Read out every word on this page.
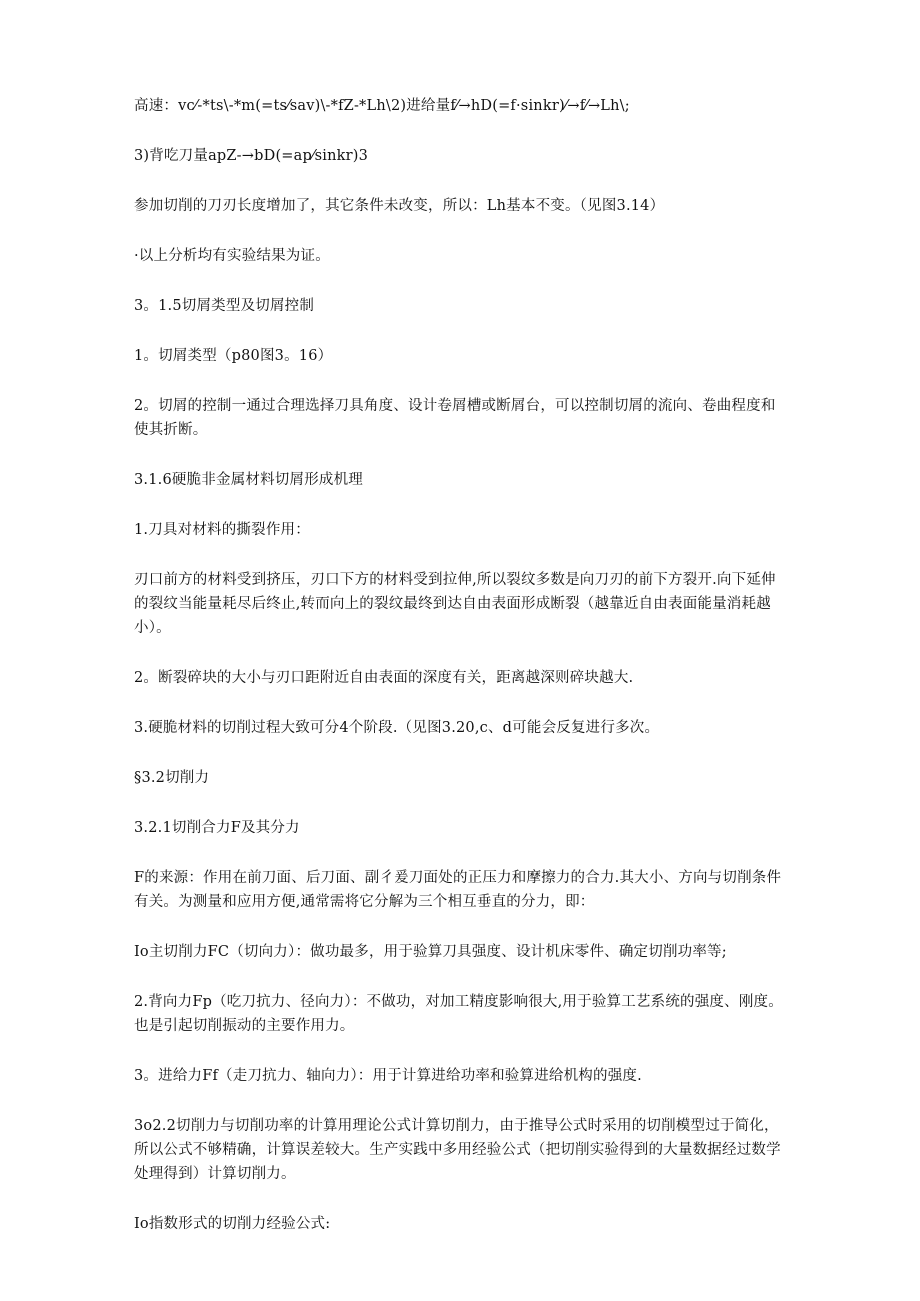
高速：vc⁄-*ts\-*m(=ts⁄sav)\-*fZ-*Lh\2)进给量f⁄→hD(=f·sinkr)⁄→f⁄→Lh\;

3)背吃刀量apZ-→bD(=ap⁄sinkr)3

参加切削的刀刃长度增加了，其它条件未改变，所以：Lh基本不变。（见图3.14）

·以上分析均有实验结果为证。

3。1.5切屑类型及切屑控制

1。切屑类型（p80图3。16）

2。切屑的控制一通过合理选择刀具角度、设计卷屑槽或断屑台，可以控制切屑的流向、卷曲程度和使其折断。

3.1.6硬脆非金属材料切屑形成机理

1.刀具对材料的撕裂作用：

刃口前方的材料受到挤压，刃口下方的材料受到拉伸,所以裂纹多数是向刀刃的前下方裂开.向下延伸的裂纹当能量耗尽后终止,转而向上的裂纹最终到达自由表面形成断裂（越靠近自由表面能量消耗越小）。

2。断裂碎块的大小与刃口距附近自由表面的深度有关，距离越深则碎块越大.

3.硬脆材料的切削过程大致可分4个阶段.（见图3.20,c、d可能会反复进行多次。

§3.2切削力

3.2.1切削合力F及其分力

F的来源：作用在前刀面、后刀面、副彳爰刀面处的正压力和摩擦力的合力.其大小、方向与切削条件有关。为测量和应用方便,通常需将它分解为三个相互垂直的分力，即：

Io主切削力FC（切向力）：做功最多，用于验算刀具强度、设计机床零件、确定切削功率等;

2.背向力Fp（吃刀抗力、径向力）：不做功，对加工精度影响很大,用于验算工艺系统的强度、刚度。也是引起切削振动的主要作用力。

3。进给力Ff（走刀抗力、轴向力）：用于计算进给功率和验算进给机构的强度.

3o2.2切削力与切削功率的计算用理论公式计算切削力，由于推导公式时采用的切削模型过于简化，所以公式不够精确，计算误差较大。生产实践中多用经验公式（把切削实验得到的大量数据经过数学处理得到）计算切削力。

Io指数形式的切削力经验公式:
